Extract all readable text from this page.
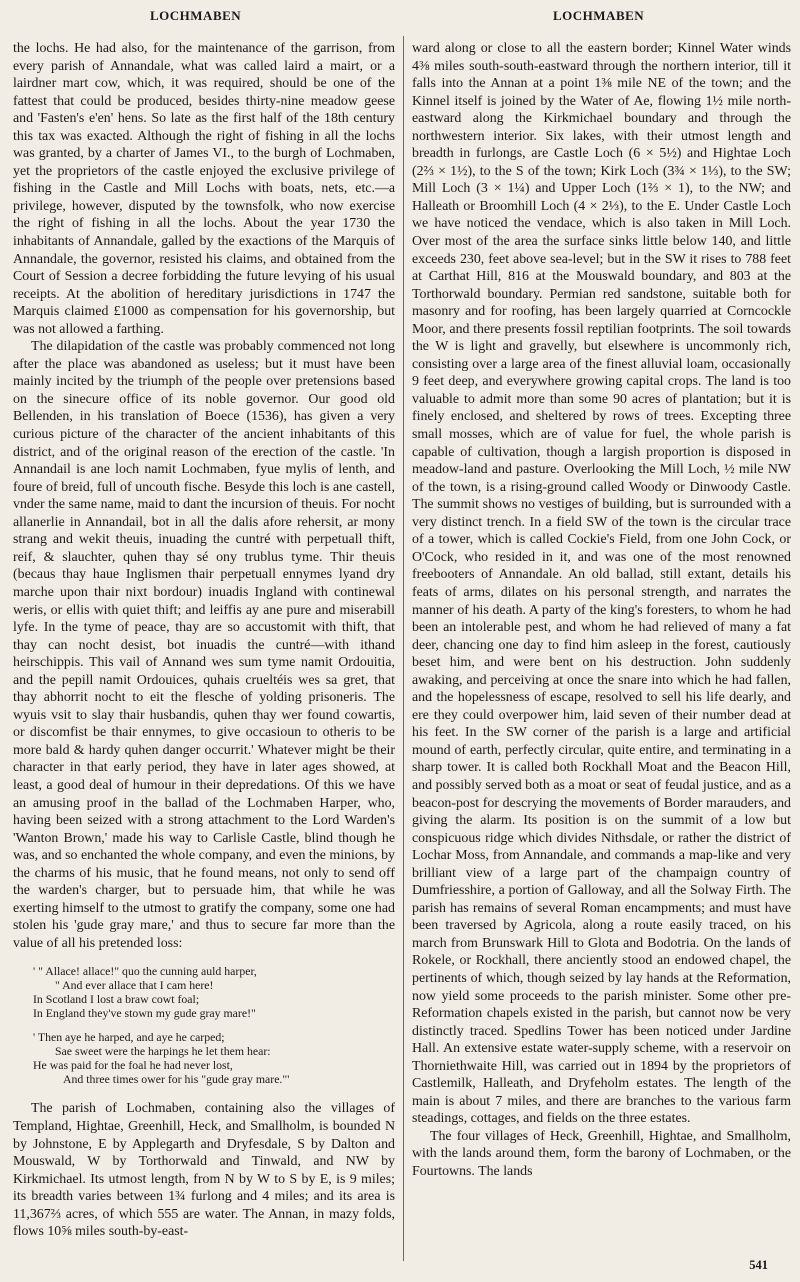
LOCHMABEN	LOCHMABEN

the lochs. He had also, for the maintenance of the garrison, from every parish of Annandale, what was called laird a mairt, or a lairdner mart cow, which, it was required, should be one of the fattest that could be produced, besides thirty-nine meadow geese and 'Fasten's e'en' hens. So late as the first half of the 18th century this tax was exacted. Although the right of fishing in all the lochs was granted, by a charter of James VI., to the burgh of Lochmaben, yet the proprietors of the castle enjoyed the exclusive privilege of fishing in the Castle and Mill Lochs with boats, nets, etc.—a privilege, however, disputed by the townsfolk, who now exercise the right of fishing in all the lochs. About the year 1730 the inhabitants of Annandale, galled by the exactions of the Marquis of Annandale, the governor, resisted his claims, and obtained from the Court of Session a decree forbidding the future levying of his usual receipts. At the abolition of hereditary jurisdictions in 1747 the Marquis claimed £1000 as compensation for his governorship, but was not allowed a farthing.

The dilapidation of the castle was probably commenced not long after the place was abandoned as useless; but it must have been mainly incited by the triumph of the people over pretensions based on the sinecure office of its noble governor. Our good old Bellenden, in his translation of Boece (1536), has given a very curious picture of the character of the ancient inhabitants of this district, and of the original reason of the erection of the castle. 'In Annandail is ane loch namit Lochmaben, fyue mylis of lenth, and foure of breid, full of uncouth fische. Besyde this loch is ane castell, vnder the same name, maid to dant the incursion of theuis. For nocht allanerlie in Annandail, bot in all the dalis afore rehersit, ar mony strang and wekit theuis, inuading the cuntré with perpetuall thift, reif, & slauchter, quhen thay sé ony trublus tyme. Thir theuis (becaus thay haue Inglismen thair perpetuall ennymes lyand dry marche upon thair nixt bordour) inuadis Ingland with continewal weris, or ellis with quiet thift; and leiffis ay ane pure and miserabill lyfe. In the tyme of peace, thay are so accustomit with thift, that thay can nocht desist, bot inuadis the cuntré—with ithand heirschippis. This vail of Annand wes sum tyme namit Ordouitia, and the pepill namit Ordouices, quhais crueltéis wes sa gret, that thay abhorrit nocht to eit the flesche of yolding prisoneris. The wyuis vsit to slay thair husbandis, quhen thay wer found cowartis, or discomfist be thair ennymes, to give occasioun to otheris to be more bald & hardy quhen danger occurrit.' Whatever might be their character in that early period, they have in later ages showed, at least, a good deal of humour in their depredations. Of this we have an amusing proof in the ballad of the Lochmaben Harper, who, having been seized with a strong attachment to the Lord Warden's 'Wanton Brown,' made his way to Carlisle Castle, blind though he was, and so enchanted the whole company, and even the minions, by the charms of his music, that he found means, not only to send off the warden's charger, but to persuade him, that while he was exerting himself to the utmost to gratify the company, some one had stolen his 'gude gray mare,' and thus to secure far more than the value of all his pretended loss:

' " Allace! allace!" quo the cunning auld harper,
" And ever allace that I cam here!
In Scotland I lost a braw cowt foal;
In England they've stown my gude gray mare!"
' Then aye he harped, and aye he carped;
Sae sweet were the harpings he let them hear:
He was paid for the foal he had never lost,
And three times ower for his "gude gray mare."'

The parish of Lochmaben, containing also the villages of Templand, Hightae, Greenhill, Heck, and Smallholm, is bounded N by Johnstone, E by Applegarth and Dryfesdale, S by Dalton and Mouswald, W by Torthorwald and Tinwald, and NW by Kirkmichael. Its utmost length, from N by W to S by E, is 9 miles; its breadth varies between 1¾ furlong and 4 miles; and its area is 11,367⅔ acres, of which 555 are water. The Annan, in mazy folds, flows 10⅝ miles south-by-east-

ward along or close to all the eastern border; Kinnel Water winds 4⅜ miles south-south-eastward through the northern interior, till it falls into the Annan at a point 1⅜ mile NE of the town; and the Kinnel itself is joined by the Water of Ae, flowing 1½ mile north-eastward along the Kirkmichael boundary and through the northwestern interior. Six lakes, with their utmost length and breadth in furlongs, are Castle Loch (6 × 5½) and Hightae Loch (2⅔ × 1½), to the S of the town; Kirk Loch (3¾ × 1⅓), to the SW; Mill Loch (3 × 1¼) and Upper Loch (1⅔ × 1), to the NW; and Halleath or Broomhill Loch (4 × 2⅓), to the E. Under Castle Loch we have noticed the vendace, which is also taken in Mill Loch. Over most of the area the surface sinks little below 140, and little exceeds 230, feet above sea-level; but in the SW it rises to 788 feet at Carthat Hill, 816 at the Mouswald boundary, and 803 at the Torthorwald boundary. Permian red sandstone, suitable both for masonry and for roofing, has been largely quarried at Corncockle Moor, and there presents fossil reptilian footprints. The soil towards the W is light and gravelly, but elsewhere is uncommonly rich, consisting over a large area of the finest alluvial loam, occasionally 9 feet deep, and everywhere growing capital crops. The land is too valuable to admit more than some 90 acres of plantation; but it is finely enclosed, and sheltered by rows of trees. Excepting three small mosses, which are of value for fuel, the whole parish is capable of cultivation, though a largish proportion is disposed in meadow-land and pasture. Overlooking the Mill Loch, ½ mile NW of the town, is a rising-ground called Woody or Dinwoody Castle. The summit shows no vestiges of building, but is surrounded with a very distinct trench. In a field SW of the town is the circular trace of a tower, which is called Cockie's Field, from one John Cock, or O'Cock, who resided in it, and was one of the most renowned freebooters of Annandale. An old ballad, still extant, details his feats of arms, dilates on his personal strength, and narrates the manner of his death. A party of the king's foresters, to whom he had been an intolerable pest, and whom he had relieved of many a fat deer, chancing one day to find him asleep in the forest, cautiously beset him, and were bent on his destruction. John suddenly awaking, and perceiving at once the snare into which he had fallen, and the hopelessness of escape, resolved to sell his life dearly, and ere they could overpower him, laid seven of their number dead at his feet. In the SW corner of the parish is a large and artificial mound of earth, perfectly circular, quite entire, and terminating in a sharp tower. It is called both Rockhall Moat and the Beacon Hill, and possibly served both as a moat or seat of feudal justice, and as a beacon-post for descrying the movements of Border marauders, and giving the alarm. Its position is on the summit of a low but conspicuous ridge which divides Nithsdale, or rather the district of Lochar Moss, from Annandale, and commands a map-like and very brilliant view of a large part of the champaign country of Dumfriesshire, a portion of Galloway, and all the Solway Firth. The parish has remains of several Roman encampments; and must have been traversed by Agricola, along a route easily traced, on his march from Brunswark Hill to Glota and Bodotria. On the lands of Rokele, or Rockhall, there anciently stood an endowed chapel, the pertinents of which, though seized by lay hands at the Reformation, now yield some proceeds to the parish minister. Some other pre-Reformation chapels existed in the parish, but cannot now be very distinctly traced. Spedlins Tower has been noticed under Jardine Hall. An extensive estate water-supply scheme, with a reservoir on Thorniethwaite Hill, was carried out in 1894 by the proprietors of Castlemilk, Halleath, and Dryfeholm estates. The length of the main is about 7 miles, and there are branches to the various farm steadings, cottages, and fields on the three estates.

The four villages of Heck, Greenhill, Hightae, and Smallholm, with the lands around them, form the barony of Lochmaben, or the Fourtowns. The lands

541
